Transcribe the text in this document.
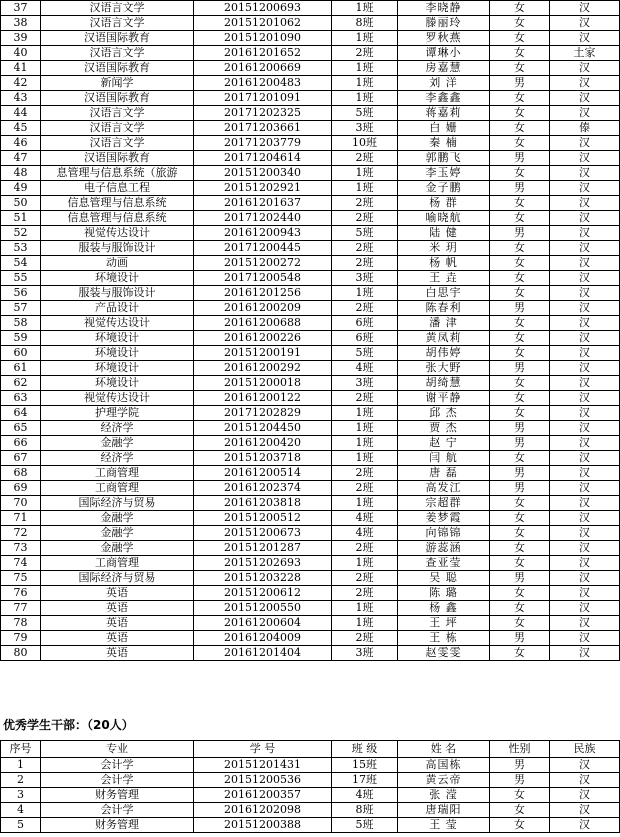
37	汉语言文学	20151200693	1班	李晓静	女	汉
38	汉语言文学	20151201062	8班	滕丽玲	女	汉
39	汉语国际教育	20151201090	1班	罗秋燕	女	汉
40	汉语言文学	20161201652	2班	谭琳小	女	土家
41	汉语国际教育	20161200669	1班	房嘉慧	女	汉
42	新闻学	20161200483	1班	刘 洋	男	汉
43	汉语国际教育	20171201091	1班	李鑫鑫	女	汉
44	汉语言文学	20171202325	5班	蒋嘉莉	女	汉
45	汉语言文学	20171203661	3班	白 姗	女	傣
46	汉语言文学	20171203779	10班	秦 楠	女	汉
47	汉语国际教育	20171204614	2班	郭鹏飞	男	汉
48	息管理与信息系统（旅游	20151200340	1班	李玉婷	女	汉
49	电子信息工程	20151202921	1班	金子鹏	男	汉
50	信息管理与信息系统	20161201637	2班	杨 群	女	汉
51	信息管理与信息系统	20171202440	2班	喻晓航	女	汉
52	视觉传达设计	20161200943	5班	陆 健	男	汉
53	服装与服饰设计	20171200445	2班	米 玥	女	汉
54	动画	20151200272	2班	杨 帆	女	汉
55	环境设计	20171200548	3班	王 垚	女	汉
56	服装与服饰设计	20161201256	1班	白思宇	女	汉
57	产品设计	20161200209	2班	陈春利	男	汉
58	视觉传达设计	20161200688	6班	潘 津	女	汉
59	环境设计	20161200226	6班	黄凤莉	女	汉
60	环境设计	20151200191	5班	胡伟婷	女	汉
61	环境设计	20161200292	4班	张大野	男	汉
62	环境设计	20151200018	3班	胡绮慧	女	汉
63	视觉传达设计	20161200122	2班	谢平静	女	汉
64	护理学院	20171202829	1班	邱 杰	女	汉
65	经济学	20151204450	1班	贾 杰	男	汉
66	金融学	20161200420	1班	赵 宁	男	汉
67	经济学	20151203718	1班	闫 航	女	汉
68	工商管理	20161200514	2班	唐 磊	男	汉
69	工商管理	20161202374	2班	高发江	男	汉
70	国际经济与贸易	20161203818	1班	宗超群	女	汉
71	金融学	20151200512	4班	姜梦霞	女	汉
72	金融学	20151200673	4班	向锦锦	女	汉
73	金融学	20151201287	2班	游蕊涵	女	汉
74	工商管理	20151202693	1班	查亚莹	女	汉
75	国际经济与贸易	20151203228	2班	吴 聪	男	汉
76	英语	20151200612	2班	陈 璐	女	汉
77	英语	20151200550	1班	杨 鑫	女	汉
78	英语	20161200604	1班	王 坪	女	汉
79	英语	20161204009	2班	王 栋	男	汉
80	英语	20161201404	3班	赵雯雯	女	汉
优秀学生干部：（20人）
序号	专业	学 号	班 级	姓 名	性别	民族
1	会计学	20151201431	15班	高国栋	男	汉
2	会计学	20151200536	17班	黄云帝	男	汉
3	财务管理	20161200357	4班	张 滢	女	汉
4	会计学	20161202098	8班	唐瑞阳	女	汉
5	财务管理	20151200388	5班	王 莹	女	汉
